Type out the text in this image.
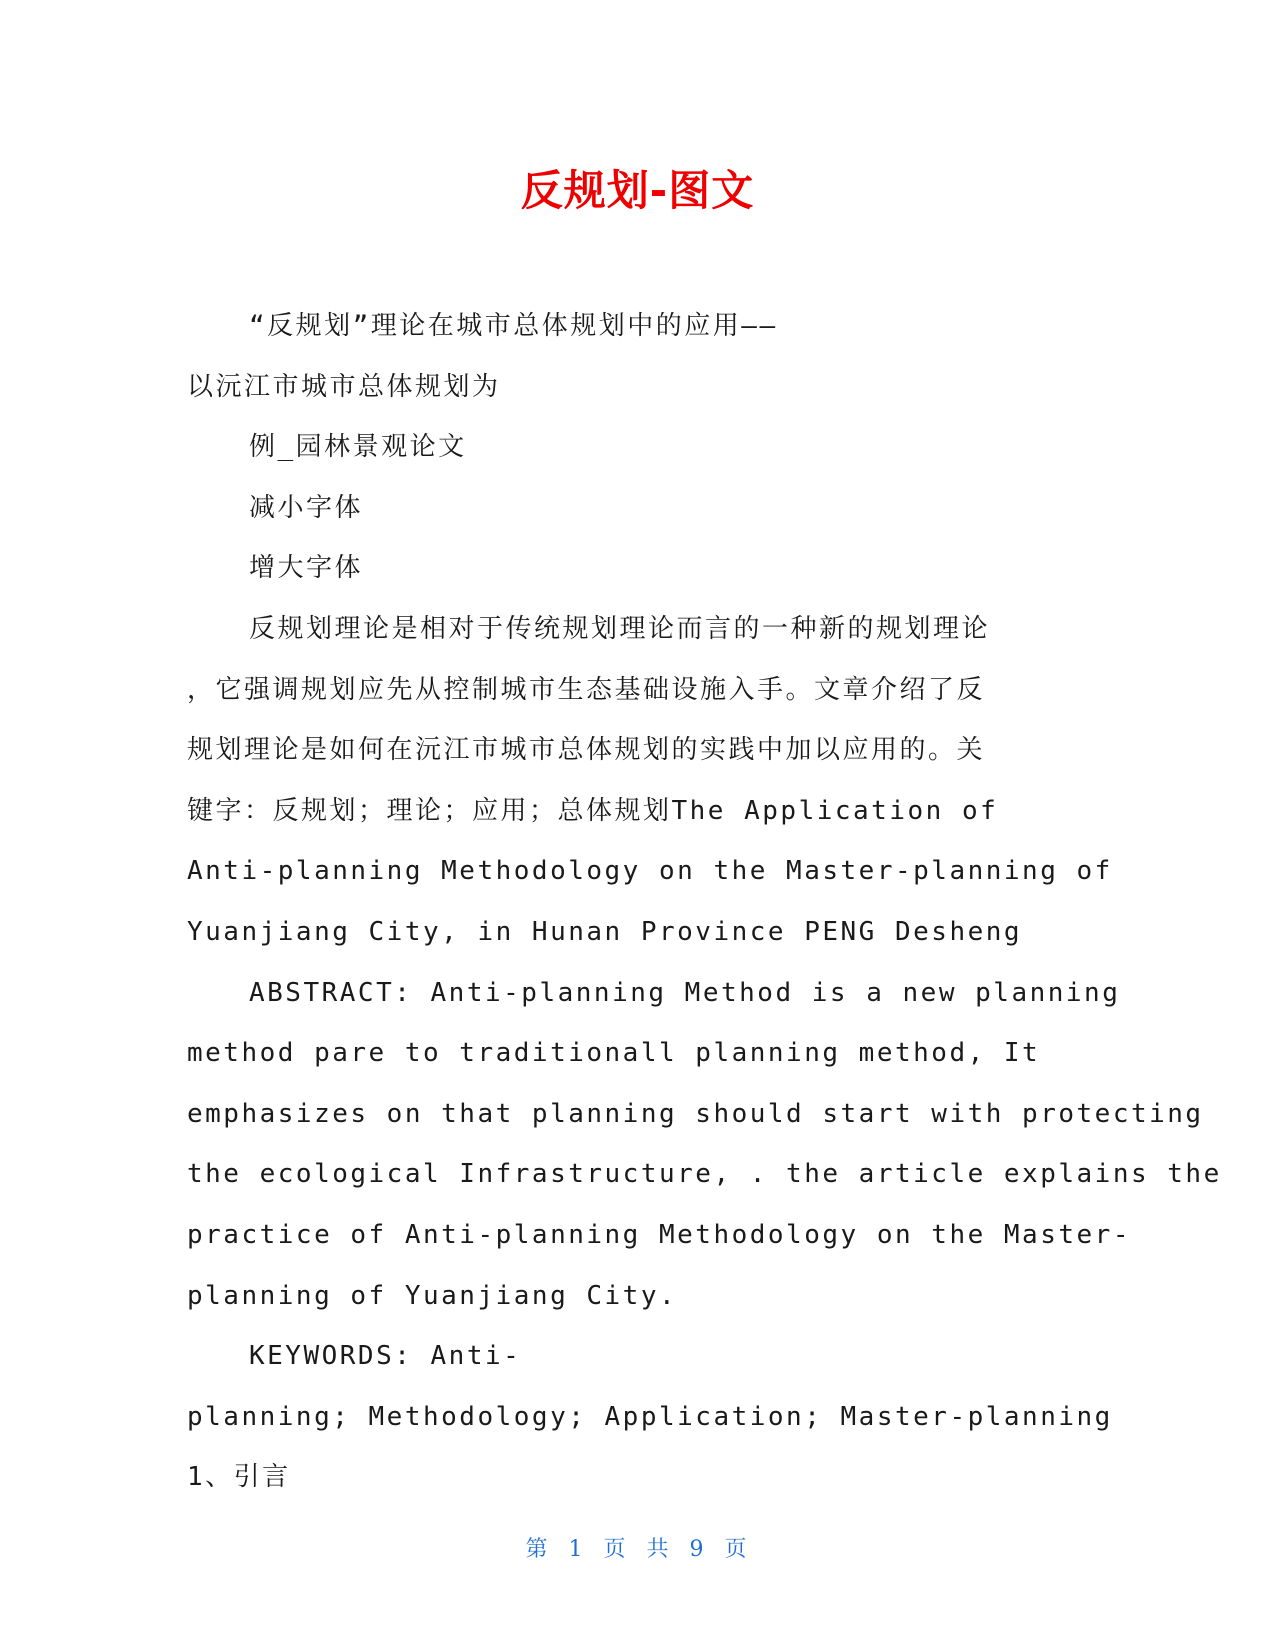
反规划-图文
“反规划”理论在城市总体规划中的应用——
以沅江市城市总体规划为
例_园林景观论文
减小字体
增大字体
反规划理论是相对于传统规划理论而言的一种新的规划理论
，它强调规划应先从控制城市生态基础设施入手。文章介绍了反
规划理论是如何在沅江市城市总体规划的实践中加以应用的。关
键字：反规划；理论；应用；总体规划The Application of
Anti-planning Methodology on the Master-planning of
Yuanjiang City, in Hunan Province PENG Desheng
ABSTRACT: Anti-planning Method is a new planning
method pare to traditionall planning method, It
emphasizes on that planning should start with protecting
the ecological Infrastructure, . the article explains the
practice of Anti-planning Methodology on the Master-
planning of Yuanjiang City.
KEYWORDS: Anti-
planning; Methodology; Application; Master-planning
1、引言
第 1 页 共 9 页
